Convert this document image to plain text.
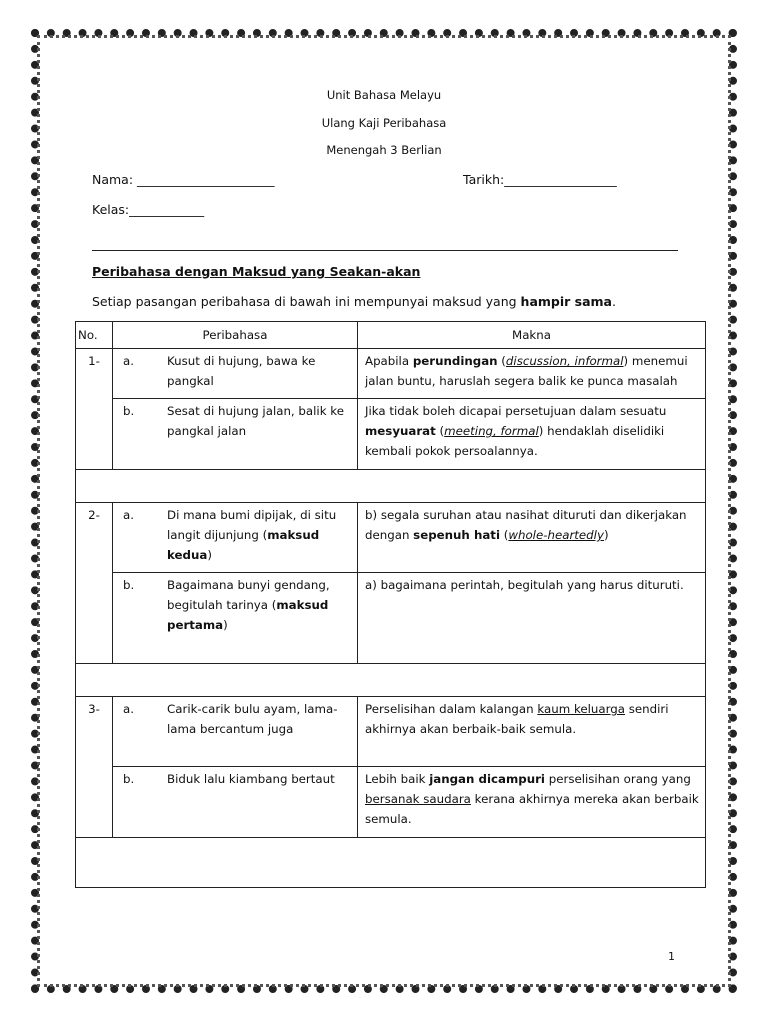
Unit Bahasa Melayu
Ulang Kaji Peribahasa
Menengah 3 Berlian
Nama: ______________________	Tarikh:__________________
Kelas:____________
Peribahasa dengan Maksud yang Seakan-akan
Setiap pasangan peribahasa di bawah ini mempunyai maksud yang hampir sama.
No.	Peribahasa		Makna
1-	a.	Kusut di hujung, bawa ke pangkal	Apabila perundingan (discussion, informal) menemui jalan buntu, haruslah segera balik ke punca masalah
	b.	Sesat di hujung jalan, balik ke pangkal jalan	Jika tidak boleh dicapai persetujuan dalam sesuatu mesyuarat (meeting, formal) hendaklah diselidiki kembali pokok persoalannya.

2-	a.	Di mana bumi dipijak, di situ langit dijunjung (maksud kedua)	b) segala suruhan atau nasihat dituruti dan dikerjakan dengan sepenuh hati (whole-heartedly)
	b.	Bagaimana bunyi gendang, begitulah tarinya (maksud pertama)	a) bagaimana perintah, begitulah yang harus dituruti.

3-	a.	Carik-carik bulu ayam, lama-lama bercantum juga	Perselisihan dalam kalangan kaum keluarga sendiri akhirnya akan berbaik-baik semula.
	b.	Biduk lalu kiambang bertaut	Lebih baik jangan dicampuri perselisihan orang yang bersanak saudara kerana akhirnya mereka akan berbaik semula.

1
